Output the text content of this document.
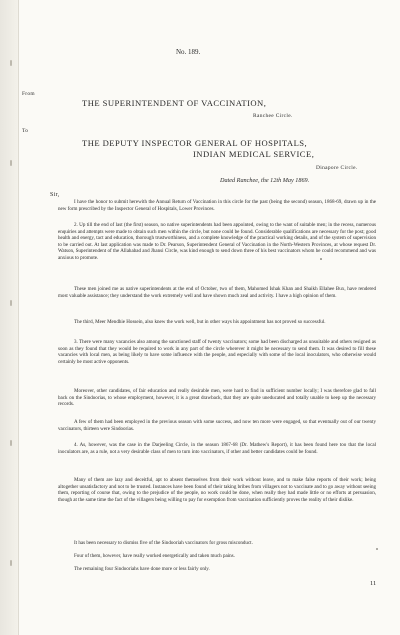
No. 189.
From
THE SUPERINTENDENT OF VACCINATION,
Ranchee Circle.
To
THE DEPUTY INSPECTOR GENERAL OF HOSPITALS,
INDIAN MEDICAL SERVICE,
Dinapore Circle.
Dated Ranchee, the 12th May 1869.
Sir,

I have the honor to submit herewith the Annual Return of Vaccination in this circle for the past (being the second) season, 1868-69, drawn up in the new form prescribed by the Inspector General of Hospitals, Lower Provinces.

2. Up till the end of last (the first) season, no native superintendents had been appointed, owing to the want of suitable men; in the recess, numerous enquiries and attempts were made to obtain such men within the circle, but none could be found. Considerable qualifications are necessary for the post; good health and energy, tact and education, thorough trustworthiness, and a complete knowledge of the practical working details, and of the system of supervision to be carried out. At last application was made to Dr. Pearson, Superintendent General of Vaccination in the North-Western Provinces, at whose request Dr. Watson, Superintendent of the Allahabad and Jhansi Circle, was kind enough to send down three of his best vaccinators whom he could recommend and was anxious to promote.

These men joined me as native superintendents at the end of October, two of them, Mahomed Ishak Khan and Shaikh Ellahee Bux, have rendered most valuable assistance; they understand the work extremely well and have shown much zeal and activity. I have a high opinion of them.

The third, Meer Mendhie Hossein, also knew the work well, but in other ways his appointment has not proved so successful.

3. There were many vacancies also among the sanctioned staff of twenty vaccinators; some had been discharged as unsuitable and others resigned as soon as they found that they would be required to work in any part of the circle wherever it might be necessary to send them. It was desired to fill these vacancies with local men, as being likely to have some influence with the people, and especially with some of the local inoculators, who otherwise would certainly be most active opponents.

Moreover, other candidates, of fair education and really desirable men, were hard to find in sufficient number locally; I was therefore glad to fall back on the Sindoorias, to whose employment, however, it is a great drawback, that they are quite uneducated and totally unable to keep up the necessary records.

A few of them had been employed in the previous season with some success, and now ten more were engaged, so that eventually out of our twenty vaccinators, thirteen were Sindoorias.

4. As, however, was the case in the Darjeeling Circle, in the season 1867-68 (Dr. Mathew's Report), it has been found here too that the local inoculators are, as a rule, not a very desirable class of men to turn into vaccinators, if other and better candidates could be found.

Many of them are lazy and deceitful, apt to absent themselves from their work without leave, and to make false reports of their work; being altogether unsatisfactory and not to be trusted. Instances have been found of their taking bribes from villagers not to vaccinate and to go away without seeing them, reporting of course that, owing to the prejudice of the people, no work could be done, when really they had made little or no efforts at persuasion, though at the same time the fact of the villagers being willing to pay for exemption from vaccination sufficiently proves the reality of their dislike.

It has been necessary to dismiss five of the Sindooriah vaccinators for gross misconduct.

Four of them, however, have really worked energetically and taken much pains.

The remaining four Sindooriahs have done more or less fairly only.

11
